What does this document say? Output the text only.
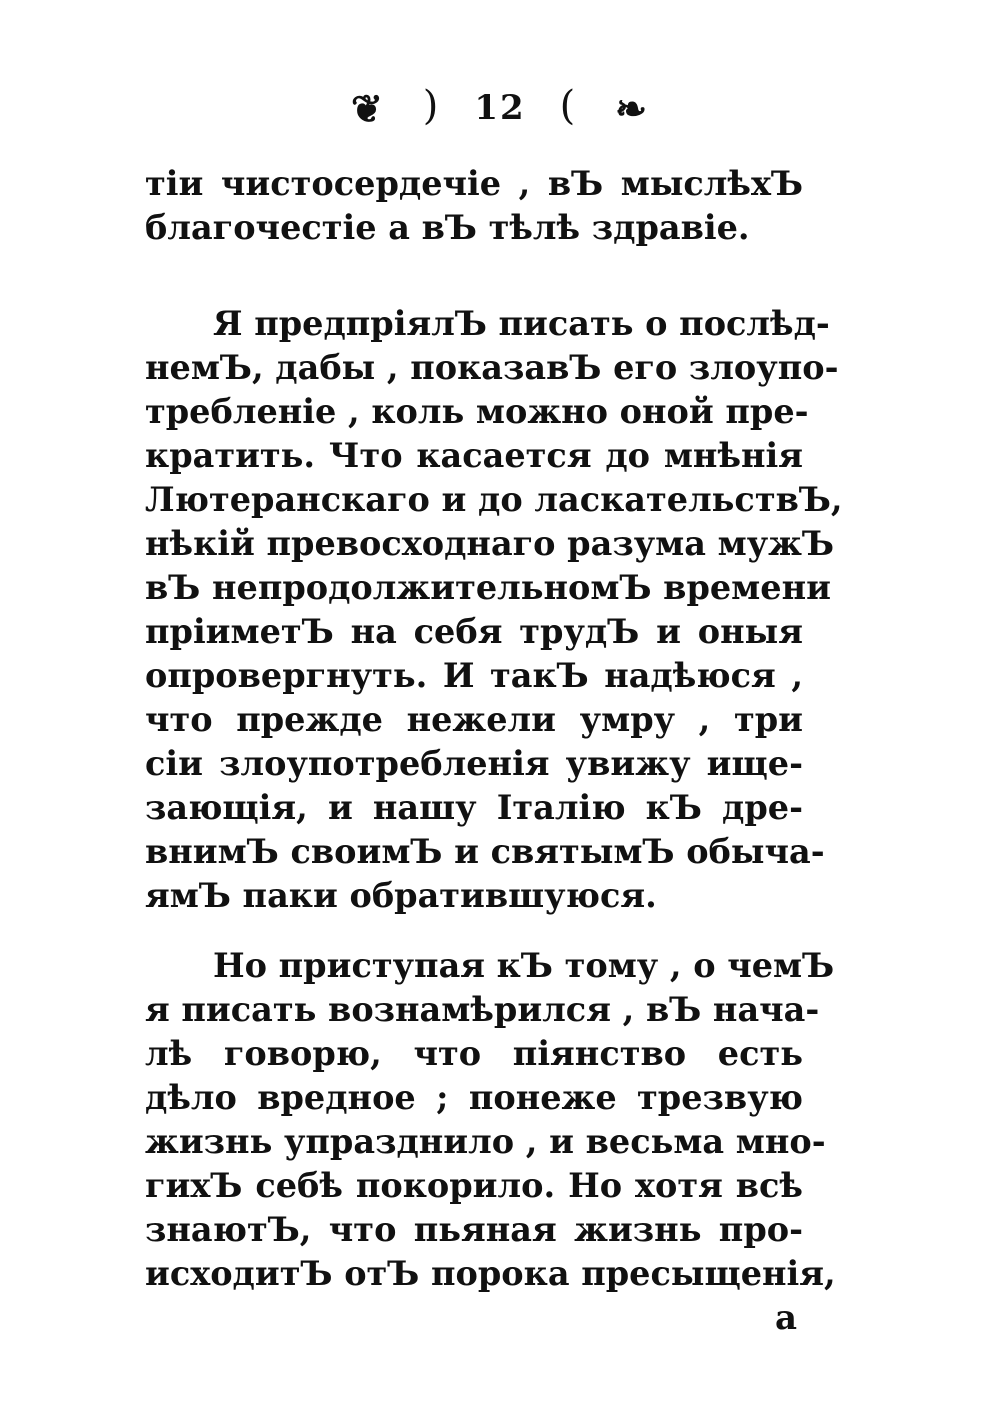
❦ ) 12 ( ❧
тіи чистосердечіе , вЪ мыслѣхЪ
благочестіе а вЪ тѣлѣ здравіе.
Я предпріялЪ писать о послѣд-
немЪ, дабы , показавЪ его злоупо-
требленіе , коль можно оной пре-
кратить. Что касается до мнѣнія
Лютеранскаго и до ласкательствЪ,
нѣкій превосходнаго разума мужЪ
вЪ непродолжительномЪ времени
пріиметЪ на себя трудЪ и оныя
опровергнуть. И такЪ надѣюся ,
что прежде нежели умру , три
сіи злоупотребленія увижу ище-
зающія, и нашу Італію кЪ дре-
внимЪ своимЪ и святымЪ обыча-
ямЪ паки обратившуюся.
Но приступая кЪ тому , о чемЪ
я писать вознамѣрился , вЪ нача-
лѣ говорю, что піянство есть
дѣло вредное ; понеже трезвую
жизнь упразднило , и весьма мно-
гихЪ себѣ покорило. Но хотя всѣ
знаютЪ, что пьяная жизнь про-
исходитЪ отЪ порока пресыщенія,
а
